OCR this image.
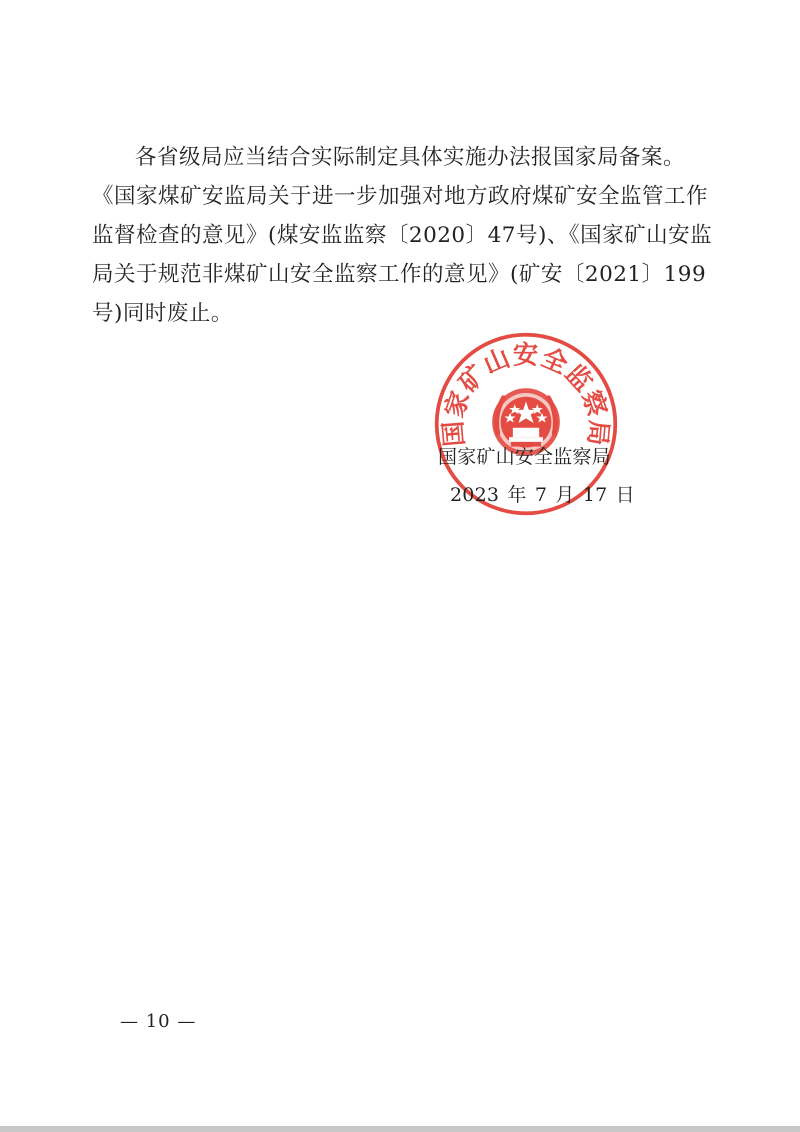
各省级局应当结合实际制定具体实施办法报国家局备案。

《国家煤矿安监局关于进一步加强对地方政府煤矿安全监管工作监督检查的意见》(煤安监监察〔2020〕47号)、《国家矿山安监局关于规范非煤矿山安全监察工作的意见》(矿安〔2021〕199号)同时废止。

国家矿山安全监察局
国家矿山安全监察局
2023 年 7 月 17 日
— 10 —
